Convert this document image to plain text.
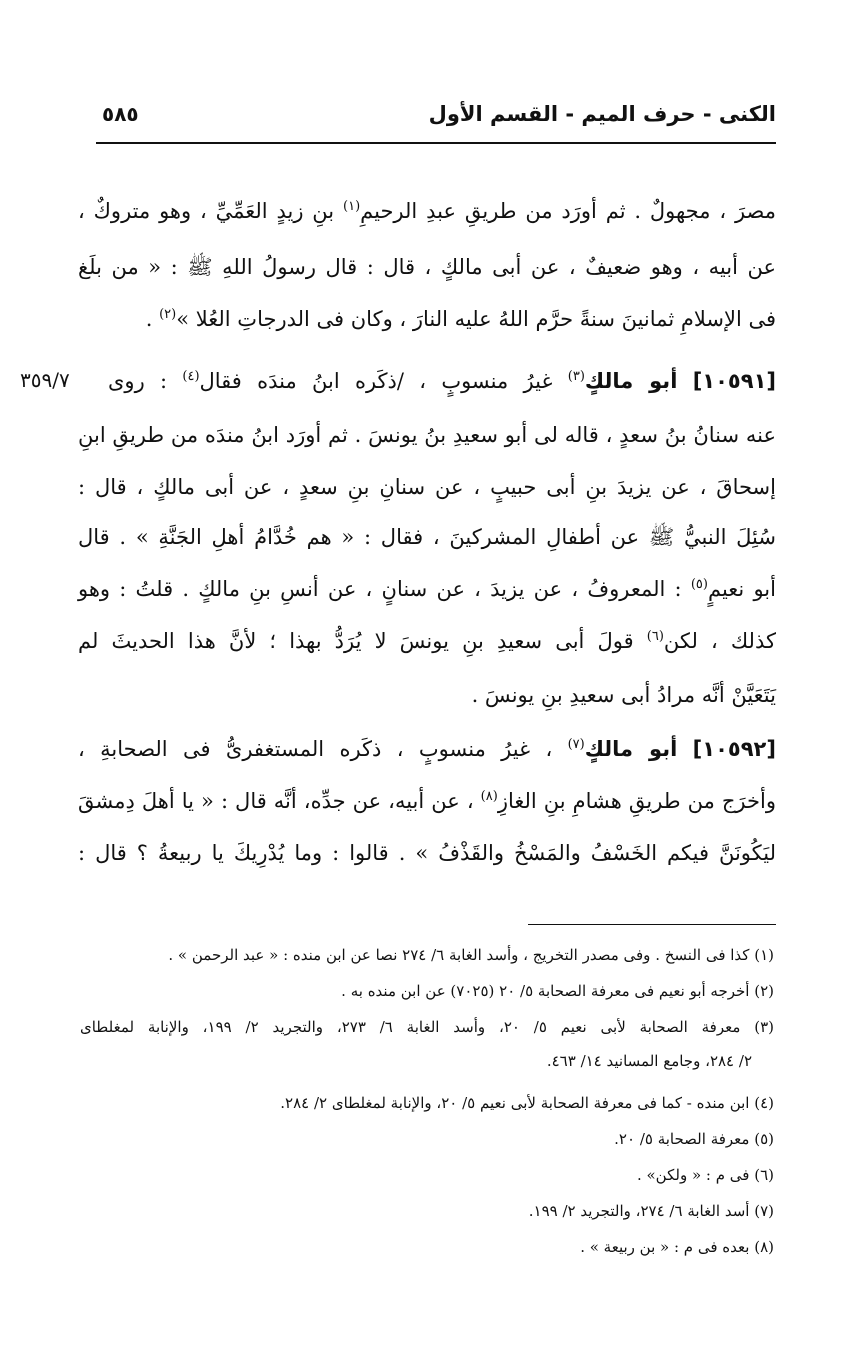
الكنى - حرف الميم - القسم الأول
٥٨٥
٣٥٩/٧
مصرَ ، مجهولٌ . ثم أورَد من طريقِ عبدِ الرحيمِ$^{(١)}$ بنِ زيدٍ العَمِّيِّ ، وهو متروكٌ ،
عن أبيه ، وهو ضعيفٌ ، عن أبى مالكٍ ، قال : قال رسولُ اللهِ ﷺ : « من بلَغ
فى الإسلامِ ثمانينَ سنةً حرَّم اللهُ عليه النارَ ، وكان فى الدرجاتِ العُلا »$^{(٢)}$ .
[١٠٥٩١] أبو مالكٍ$^{(٣)}$ غيرُ منسوبٍ ، /ذكَره ابنُ مندَه فقال$^{(٤)}$ : روى
عنه سنانُ بنُ سعدٍ ، قاله لى أبو سعيدِ بنُ يونسَ . ثم أورَد ابنُ مندَه من طريقِ ابنِ
إسحاقَ ، عن يزيدَ بنِ أبى حبيبٍ ، عن سنانِ بنِ سعدٍ ، عن أبى مالكٍ ، قال :
سُئِلَ النبيُّ ﷺ عن أطفالِ المشركينَ ، فقال : « هم خُدَّامُ أهلِ الجَنَّةِ » . قال
أبو نعيمٍ$^{(٥)}$ : المعروفُ ، عن يزيدَ ، عن سنانٍ ، عن أنسِ بنِ مالكٍ . قلتُ : وهو
كذلك ، لكن$^{(٦)}$ قولَ أبى سعيدِ بنِ يونسَ لا يُرَدُّ بهذا ؛ لأنَّ هذا الحديثَ لم
يَتَعَيَّنْ أنَّه مرادُ أبى سعيدِ بنِ يونسَ .
[١٠٥٩٢] أبو مالكٍ$^{(٧)}$ ، غيرُ منسوبٍ ، ذكَره المستغفرىُّ فى الصحابةِ ،
وأخرَج من طريقِ هشامِ بنِ الغازِ$^{(٨)}$ ، عن أبيه، عن جدِّه، أنَّه قال : « يا أهلَ دِمشقَ
ليَكُونَنَّ فيكم الخَسْفُ والمَسْخُ والقَذْفُ » . قالوا : وما يُدْرِيكَ يا ربيعةُ ؟ قال :
(١) كذا فى النسخ . وفى مصدر التخريج ، وأسد الغابة ٦/ ٢٧٤ نصا عن ابن منده : « عبد الرحمن » .
(٢) أخرجه أبو نعيم فى معرفة الصحابة ٥/ ٢٠ (٧٠٢٥) عن ابن منده به .
(٣) معرفة الصحابة لأبى نعيم ٥/ ٢٠، وأسد الغابة ٦/ ٢٧٣، والتجريد ٢/ ١٩٩، والإنابة لمغلطاى
٢/ ٢٨٤، وجامع المسانيد ١٤/ ٤٦٣.
(٤) ابن منده - كما فى معرفة الصحابة لأبى نعيم ٥/ ٢٠، والإنابة لمغلطاى ٢/ ٢٨٤.
(٥) معرفة الصحابة ٥/ ٢٠.
(٦) فى م : « ولكن» .
(٧) أسد الغابة ٦/ ٢٧٤، والتجريد ٢/ ١٩٩.
(٨) بعده فى م : « بن ربيعة » .
